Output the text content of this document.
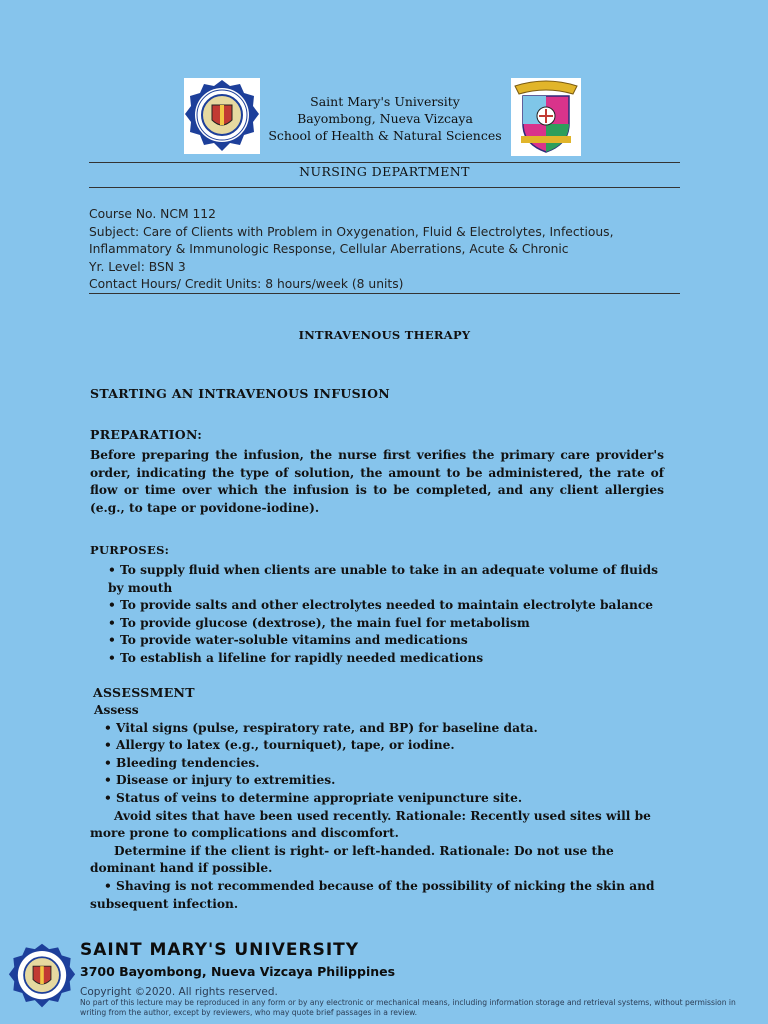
Saint Mary's University
Bayombong, Nueva Vizcaya
School of Health & Natural Sciences
NURSING DEPARTMENT
Course No. NCM 112
Subject: Care of Clients with Problem in Oxygenation, Fluid & Electrolytes, Infectious,
Inflammatory & Immunologic Response, Cellular Aberrations, Acute & Chronic
Yr. Level: BSN 3
Contact Hours/ Credit Units: 8 hours/week (8 units)
INTRAVENOUS THERAPY
STARTING AN INTRAVENOUS INFUSION
PREPARATION:
Before preparing the infusion, the nurse first verifies the primary care provider's order, indicating the type of solution, the amount to be administered, the rate of flow or time over which the infusion is to be completed, and any client allergies (e.g., to tape or povidone-iodine).
PURPOSES:
• To supply fluid when clients are unable to take in an adequate volume of fluids by mouth
• To provide salts and other electrolytes needed to maintain electrolyte balance
• To provide glucose (dextrose), the main fuel for metabolism
• To provide water-soluble vitamins and medications
• To establish a lifeline for rapidly needed medications
ASSESSMENT
Assess
• Vital signs (pulse, respiratory rate, and BP) for baseline data.
• Allergy to latex (e.g., tourniquet), tape, or iodine.
• Bleeding tendencies.
• Disease or injury to extremities.
• Status of veins to determine appropriate venipuncture site.
Avoid sites that have been used recently. Rationale: Recently used sites will be more prone to complications and discomfort.
Determine if the client is right- or left-handed. Rationale: Do not use the dominant hand if possible.
• Shaving is not recommended because of the possibility of nicking the skin and subsequent infection.
SAINT MARY'S UNIVERSITY
3700 Bayombong, Nueva Vizcaya Philippines
Copyright ©2020. All rights reserved.
No part of this lecture may be reproduced in any form or by any electronic or mechanical means, including information storage and retrieval systems, without permission in writing from the author, except by reviewers, who may quote brief passages in a review.
